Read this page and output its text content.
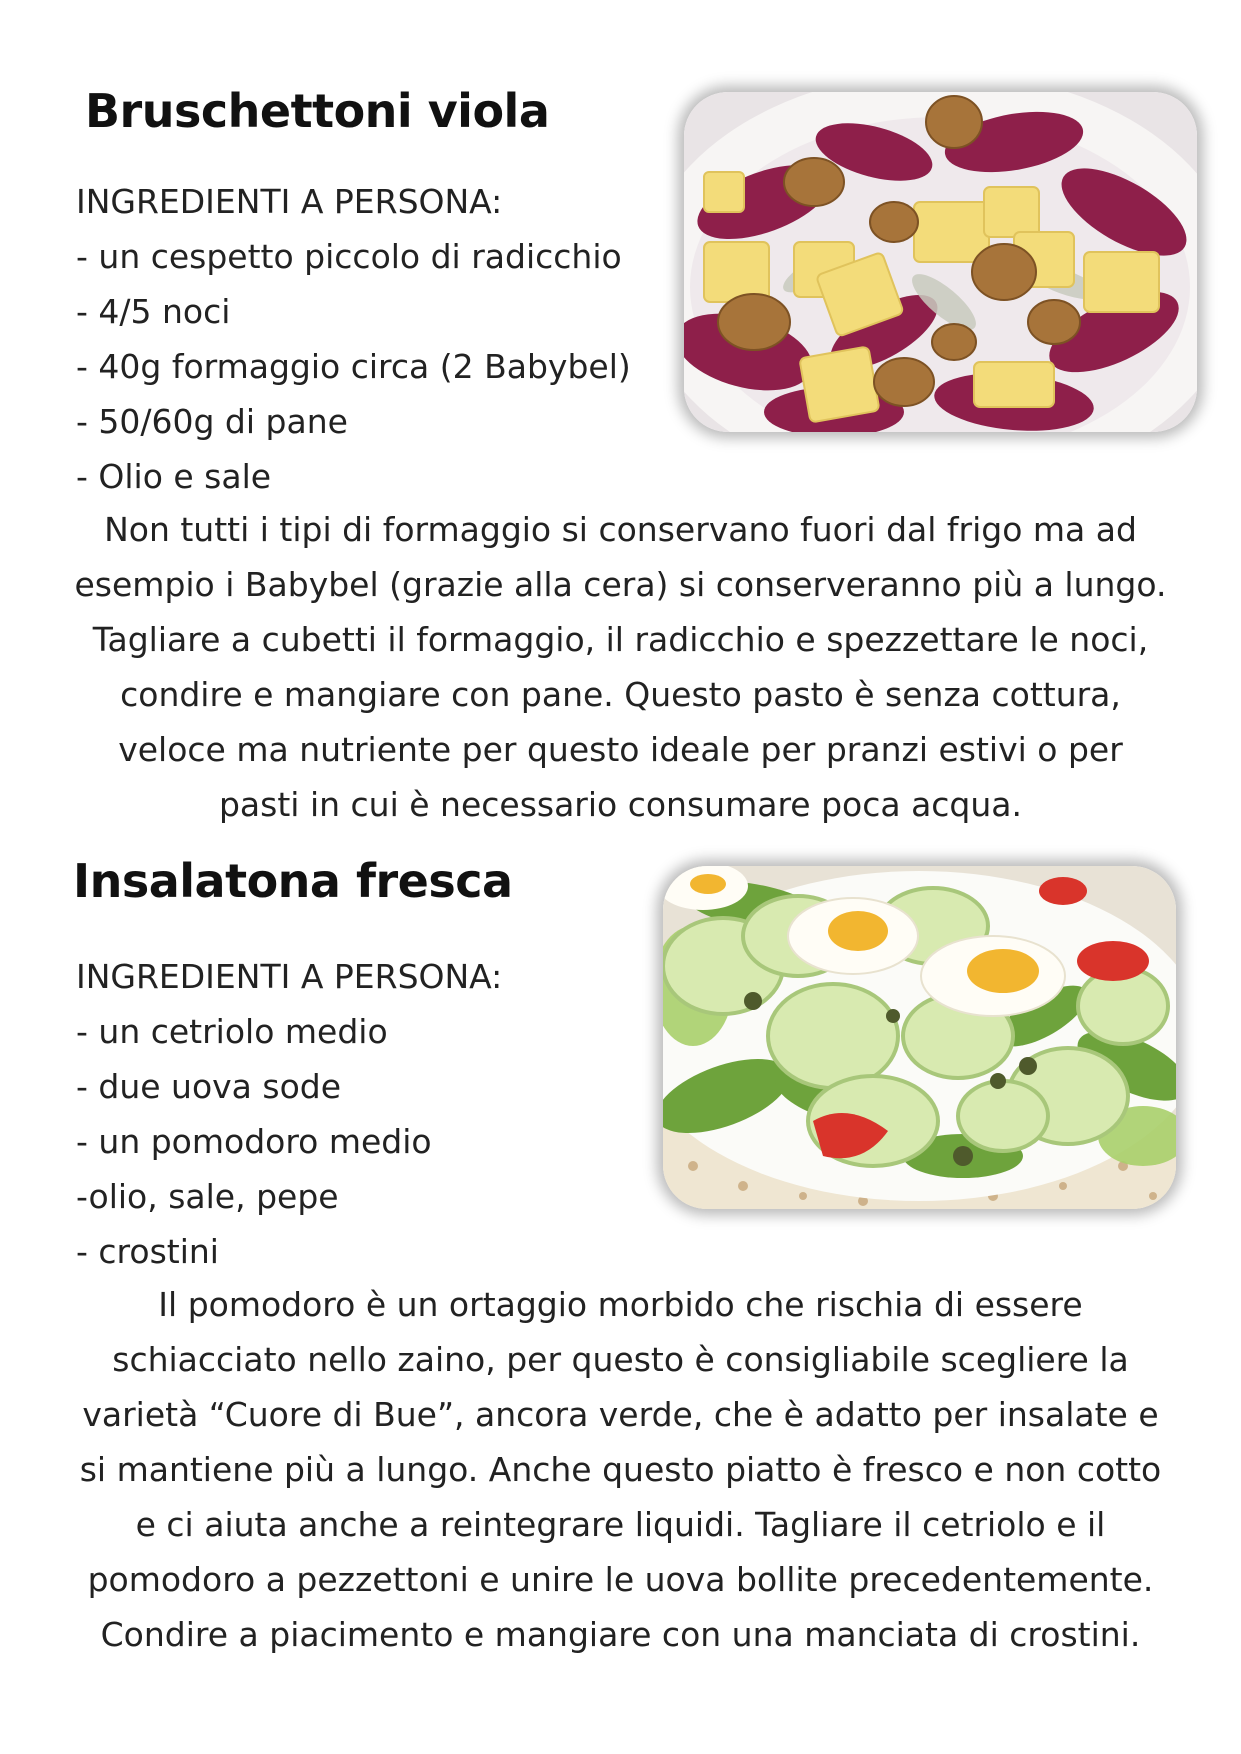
Bruschettoni viola
INGREDIENTI A PERSONA:
- un cespetto piccolo di radicchio
- 4/5 noci
- 40g formaggio circa (2 Babybel)
- 50/60g di pane
- Olio e sale
Non tutti i tipi di formaggio si conservano fuori dal frigo ma ad
esempio i Babybel (grazie alla cera) si conserveranno più a lungo.
Tagliare a cubetti il formaggio, il radicchio e spezzettare le noci,
condire e mangiare con pane. Questo pasto è senza cottura,
veloce ma nutriente per questo ideale per pranzi estivi o per
pasti in cui è necessario consumare poca acqua.
Insalatona fresca
INGREDIENTI A PERSONA:
- un cetriolo medio
- due uova sode
- un pomodoro medio
-olio, sale, pepe
- crostini
Il pomodoro è un ortaggio morbido che rischia di essere
schiacciato nello zaino, per questo è consigliabile scegliere la
varietà “Cuore di Bue”, ancora verde, che è adatto per insalate e
si mantiene più a lungo. Anche questo piatto è fresco e non cotto
e ci aiuta anche a reintegrare liquidi. Tagliare il cetriolo e il
pomodoro a pezzettoni e unire le uova bollite precedentemente.
Condire a piacimento e mangiare con una manciata di crostini.
